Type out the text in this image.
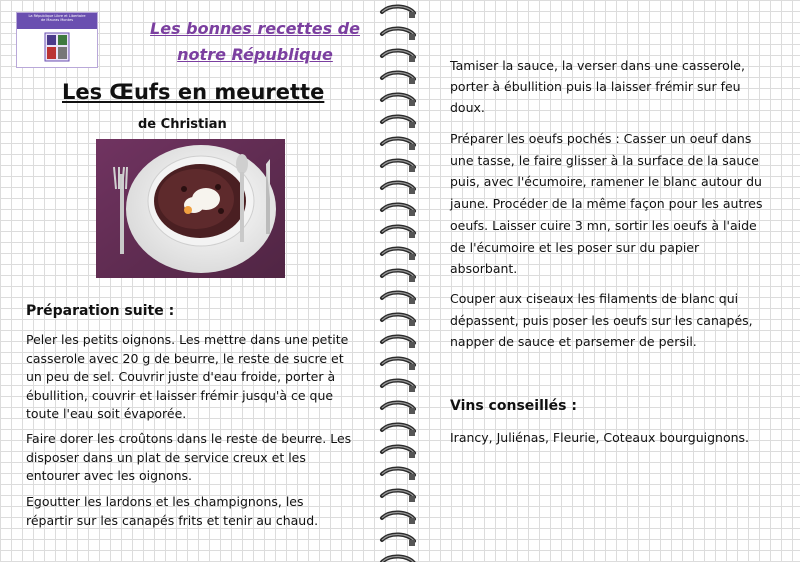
La République Libre et Libertaire
de Mauras Montes	Les bonnes recettes de
notre République
Les Œufs en meurette
de Christian
Préparation suite :

Peler les petits oignons. Les mettre dans une petite casserole avec 20 g de beurre, le reste de sucre et un peu de sel. Couvrir juste d'eau froide, porter à ébullition, couvrir et laisser frémir jusqu'à ce que toute l'eau soit évaporée.

Faire dorer les croûtons dans le reste de beurre. Les disposer dans un plat de service creux et les entourer avec les oignons.

Egoutter les lardons et les champignons, les répartir sur les canapés frits et tenir au chaud.

Tamiser la sauce, la verser dans une casserole, porter à ébullition puis la laisser frémir sur feu doux.

Préparer les oeufs pochés : Casser un oeuf dans une tasse, le faire glisser à la surface de la sauce puis, avec l'écumoire, ramener le blanc autour du jaune. Procéder de la même façon pour les autres oeufs. Laisser cuire 3 mn, sortir les oeufs à l'aide de l'écumoire et les poser sur du papier absorbant.

Couper aux ciseaux les filaments de blanc qui dépassent, puis poser les oeufs sur les canapés, napper de sauce et parsemer de persil.

Vins conseillés :

Irancy, Juliénas, Fleurie, Coteaux bourguignons.
